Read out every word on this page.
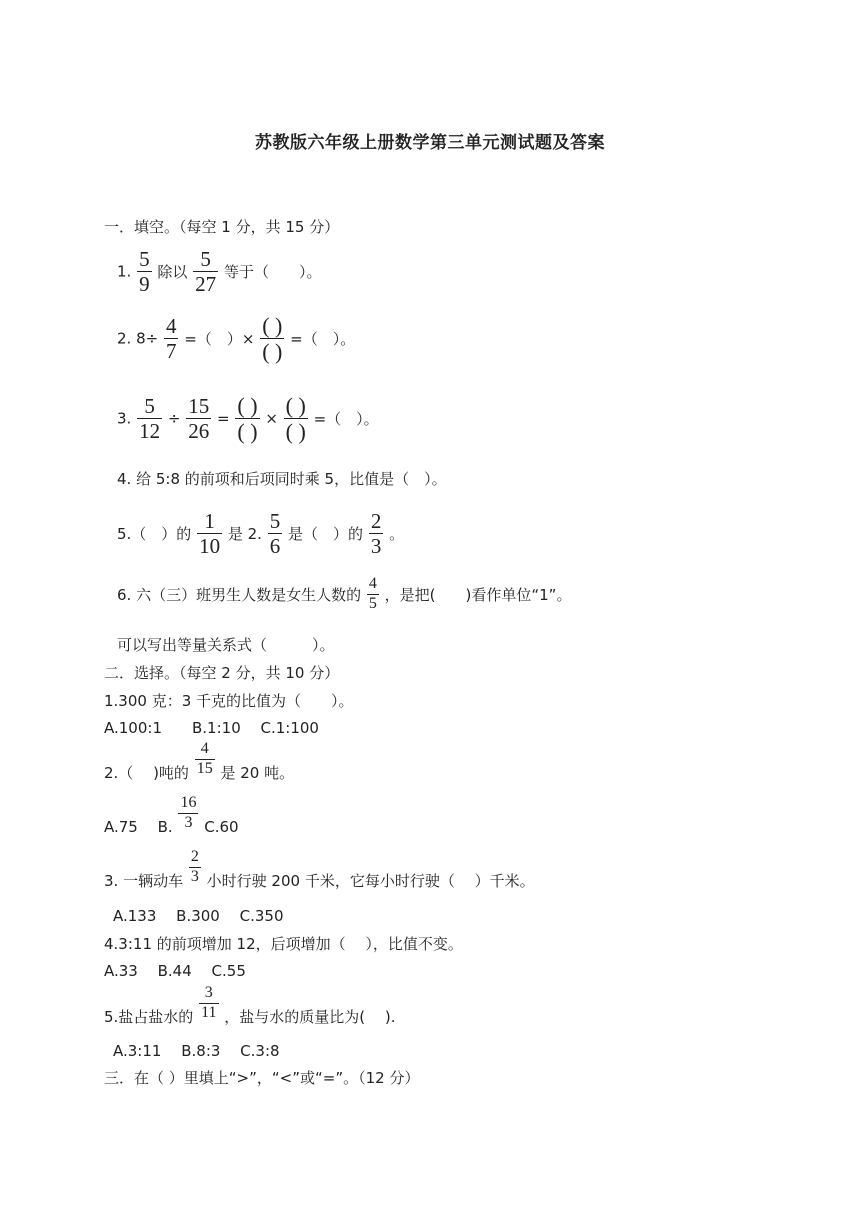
苏教版六年级上册数学第三单元测试题及答案
一．填空。（每空 1 分，共 15 分）
1. $\frac{5}{9}$ 除以 $\frac{5}{27}$ 等于（　　）。
2. $8\div \frac{4}{7}$ =（　）× $\frac{( )}{( )}$ =（　）。
3. $\frac{5}{12} \div \frac{15}{26} = \frac{( )}{( )} \times \frac{( )}{( )}$ =（　）。
4. 给 5:8 的前项和后项同时乘 5，比值是（　）。
5.（　）的 $\frac{1}{10}$ 是 2. $\frac{5}{6}$ 是（　）的 $\frac{2}{3}$ 。
6. 六（三）班男生人数是女生人数的 $\frac{4}{5}$ ，是把(　　)看作单位“1”。
可以写出等量关系式（　　　）。
二．选择。（每空 2 分，共 10 分）
1.300 克：3 千克的比值为（　　）。
A.100:1　　B.1:10　 C.1:100
2.（　 )吨的 $\frac{4}{15}$ 是 20 吨。
A.75　 B. $\frac{16}{3} C.60$
3. 一辆动车 $\frac{2}{3}$ 小时行驶 200 千米，它每小时行驶（　 ）千米。
A.133　 B.300　 C.350
4.3:11 的前项增加 12，后项增加（　 ），比值不变。
A.33　 B.44　 C.55
5.盐占盐水的 $\frac{3}{11}$ ，盐与水的质量比为(　 ).
A.3:11　 B.8:3　 C.3:8
三．在（ ）里填上“>”，“<”或“=”。（12 分）
